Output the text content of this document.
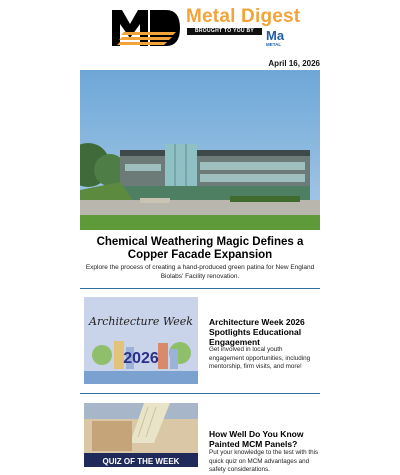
Metal Digest
BROUGHT TO YOU BY Ma
METAL
April 16, 2026
Chemical Weathering Magic Defines a Copper Facade Expansion
Explore the process of creating a hand-produced green patina for New England Biolabs' Facility renovation.
Architecture Week
2026
Architecture Week 2026 Spotlights Educational Engagement
Get involved in local youth engagement opportunities, including mentorship, firm visits, and more!
QUIZ OF THE WEEK
How Well Do You Know Painted MCM Panels?
Put your knowledge to the test with this quick quiz on MCM advantages and safety considerations.
